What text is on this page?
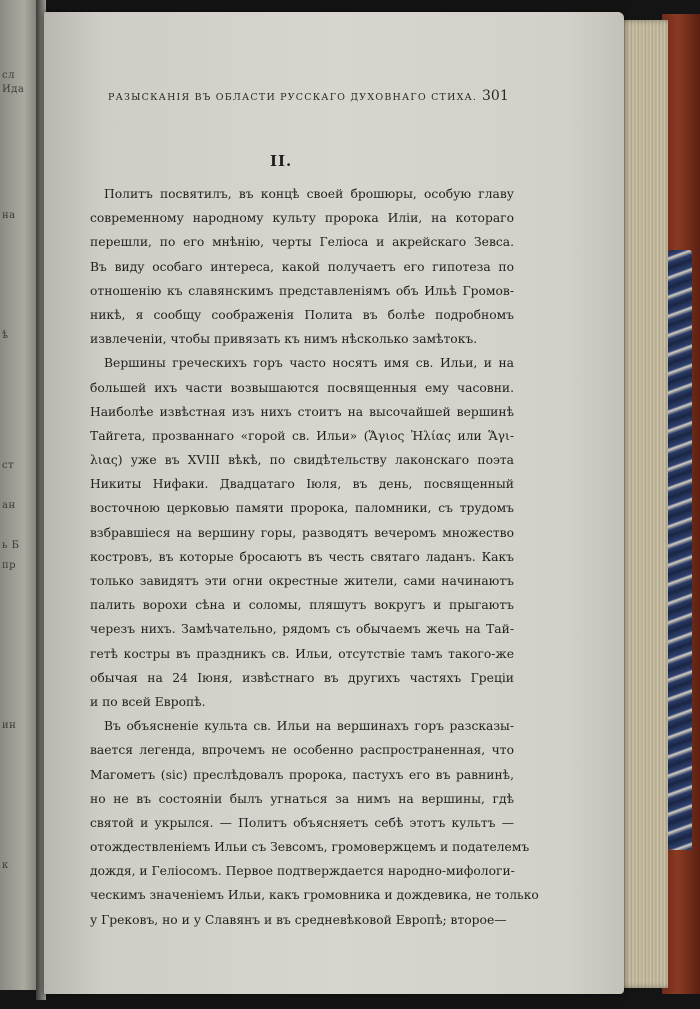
сл
Ида
на
ѣ
ст
ан
ь Б
пр
ин
к
РАЗЫСКАНІЯ ВЪ ОБЛАСТИ РУССКАГО ДУХОВНАГО СТИХА. 301
II.
Политъ посвятилъ, въ концѣ своей брошюры, особую главу
современному народному культу пророка Иліи, на котораго
перешли, по его мнѣнію, черты Геліоса и акрейскаго Зевса.
Въ виду особаго интереса, какой получаетъ его гипотеза по
отношенію къ славянскимъ представленіямъ объ Ильѣ Громов-
никѣ, я сообщу соображенія Полита въ болѣе подробномъ
извлеченіи, чтобы привязать къ нимъ нѣсколько замѣтокъ.
Вершины греческихъ горъ часто носятъ имя св. Ильи, и на
большей ихъ части возвышаются посвященныя ему часовни.
Наиболѣе извѣстная изъ нихъ стоитъ на высочайшей вершинѣ
Тайгета, прозваннаго «горой св. Ильи» (Ἅγιος Ἠλίας или Ἅγι-
λιας) уже въ XVIII вѣкѣ, по свидѣтельству лаконскаго поэта
Никиты Нифаки. Двадцатаго Іюля, въ день, посвященный
восточною церковью памяти пророка, паломники, съ трудомъ
взбравшіеся на вершину горы, разводятъ вечеромъ множество
костровъ, въ которые бросаютъ въ честь святаго ладанъ. Какъ
только завидятъ эти огни окрестные жители, сами начинаютъ
палить ворохи сѣна и соломы, пляшутъ вокругъ и прыгаютъ
черезъ нихъ. Замѣчательно, рядомъ съ обычаемъ жечь на Тай-
гетѣ костры въ праздникъ св. Ильи, отсутствіе тамъ такого-же
обычая на 24 Іюня, извѣстнаго въ другихъ частяхъ Греціи
и по всей Европѣ.
Въ объясненіе культа св. Ильи на вершинахъ горъ разсказы-
вается легенда, впрочемъ не особенно распространенная, что
Магометъ (sic) преслѣдовалъ пророка, пастухъ его въ равнинѣ,
но не въ состояніи былъ угнаться за нимъ на вершины, гдѣ
святой и укрылся. — Политъ объясняетъ себѣ этотъ культъ —
отождествленіемъ Ильи съ Зевсомъ, громовержцемъ и подателемъ
дождя, и Геліосомъ. Первое подтверждается народно-мифологи-
ческимъ значеніемъ Ильи, какъ громовника и дождевика, не только
у Грековъ, но и у Славянъ и въ средневѣковой Европѣ; второе—
